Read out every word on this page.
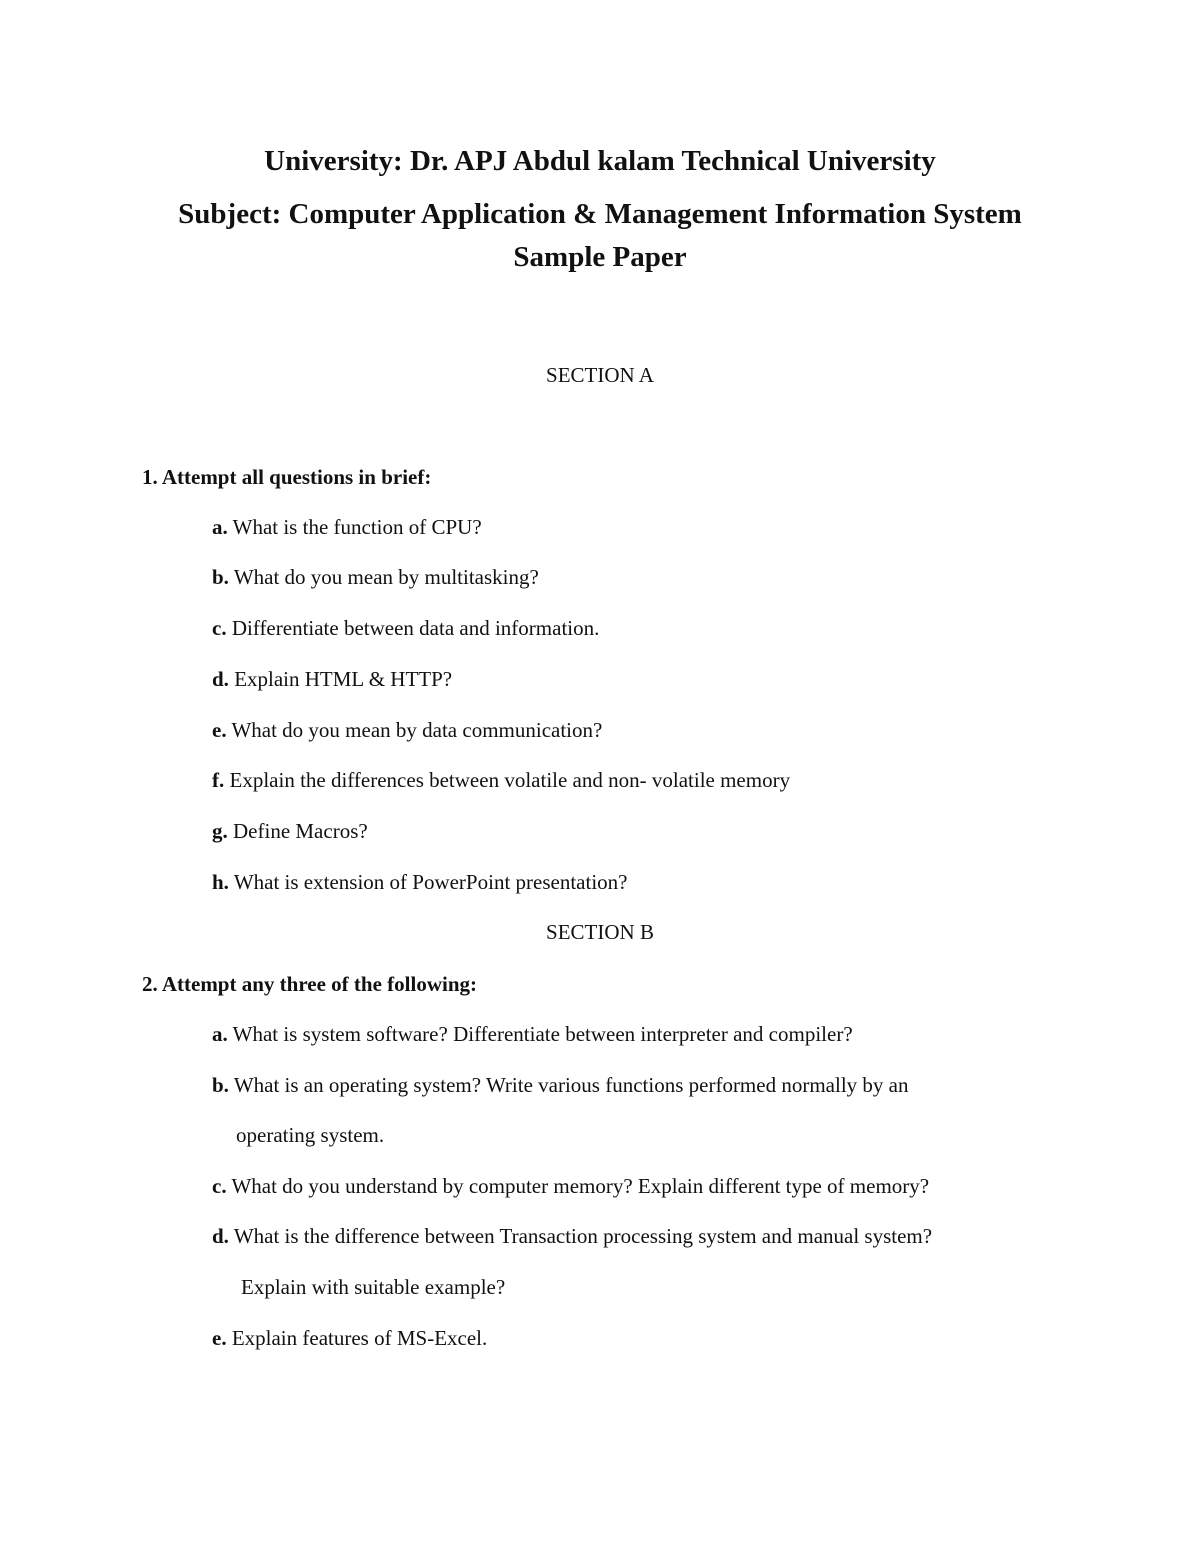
University: Dr. APJ Abdul kalam Technical University
Subject: Computer Application & Management Information System
Sample Paper
SECTION A
1. Attempt all questions in brief:
a. What is the function of CPU?
b. What do you mean by multitasking?
c. Differentiate between data and information.
d. Explain HTML & HTTP?
e. What do you mean by data communication?
f. Explain the differences between volatile and non- volatile memory
g. Define Macros?
h. What is extension of PowerPoint presentation?
SECTION B
2. Attempt any three of the following:
a. What is system software? Differentiate between interpreter and compiler?
b. What is an operating system? Write various functions performed normally by an
operating system.
c. What do you understand by computer memory? Explain different type of memory?
d. What is the difference between Transaction processing system and manual system?
Explain with suitable example?
e. Explain features of MS-Excel.
